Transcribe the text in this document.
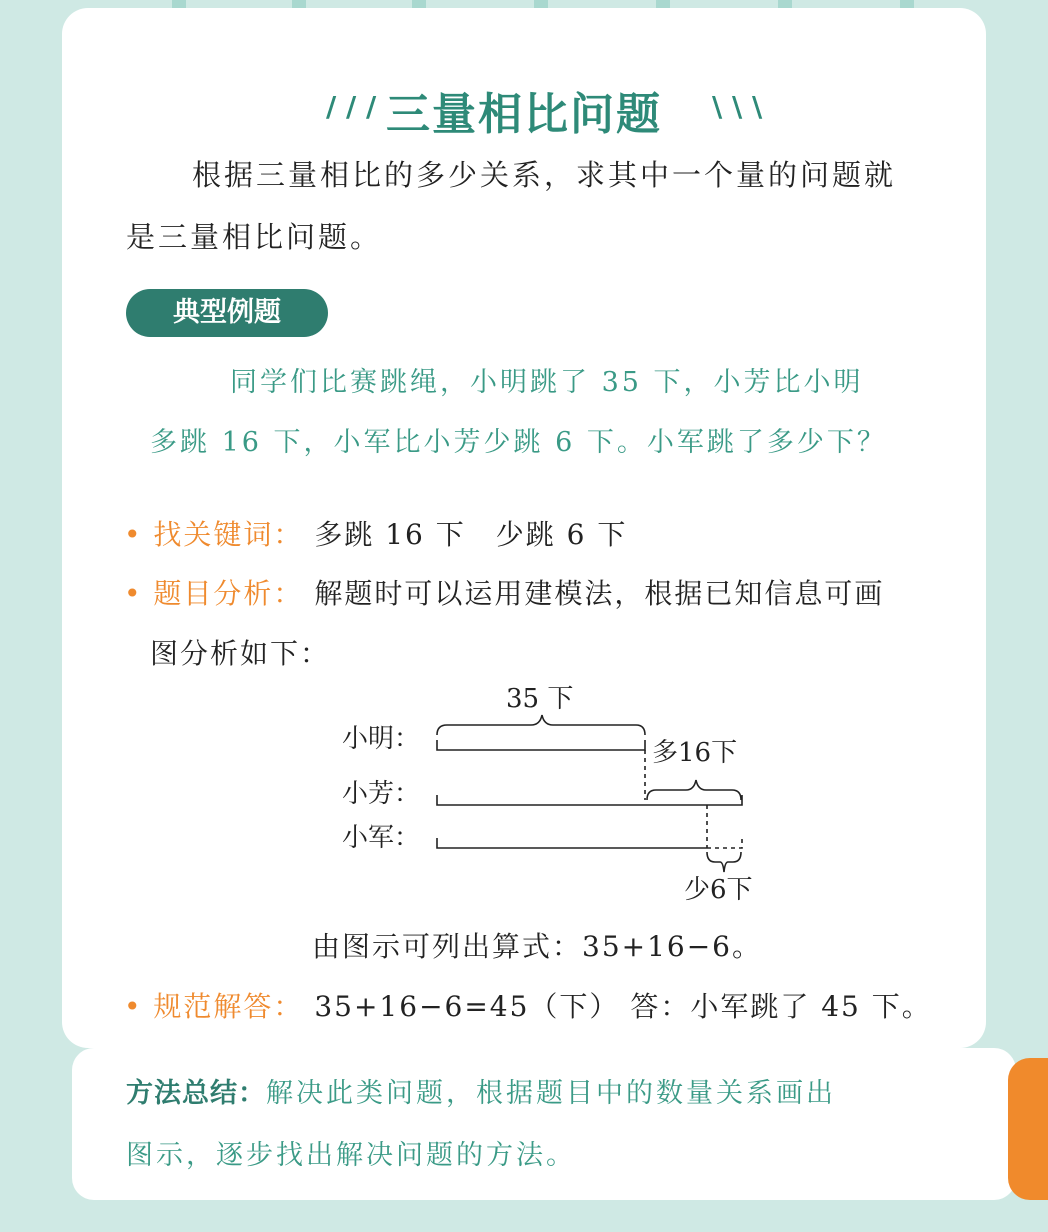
/ / / 三量相比问题	\ \ \
根据三量相比的多少关系，求其中一个量的问题就
是三量相比问题。
典型例题
同学们比赛跳绳，小明跳了 35 下，小芳比小明
多跳 16 下，小军比小芳少跳 6 下。小军跳了多少下？
• 找关键词： 多跳 16 下　少跳 6 下
• 题目分析： 解题时可以运用建模法，根据已知信息可画
图分析如下：
小明：
小芳：
小军：
35 下
多16下
少6下
由图示可列出算式：35+16−6。
• 规范解答： 35+16−6=45（下） 答：小军跳了 45 下。
方法总结：解决此类问题，根据题目中的数量关系画出
图示，逐步找出解决问题的方法。
